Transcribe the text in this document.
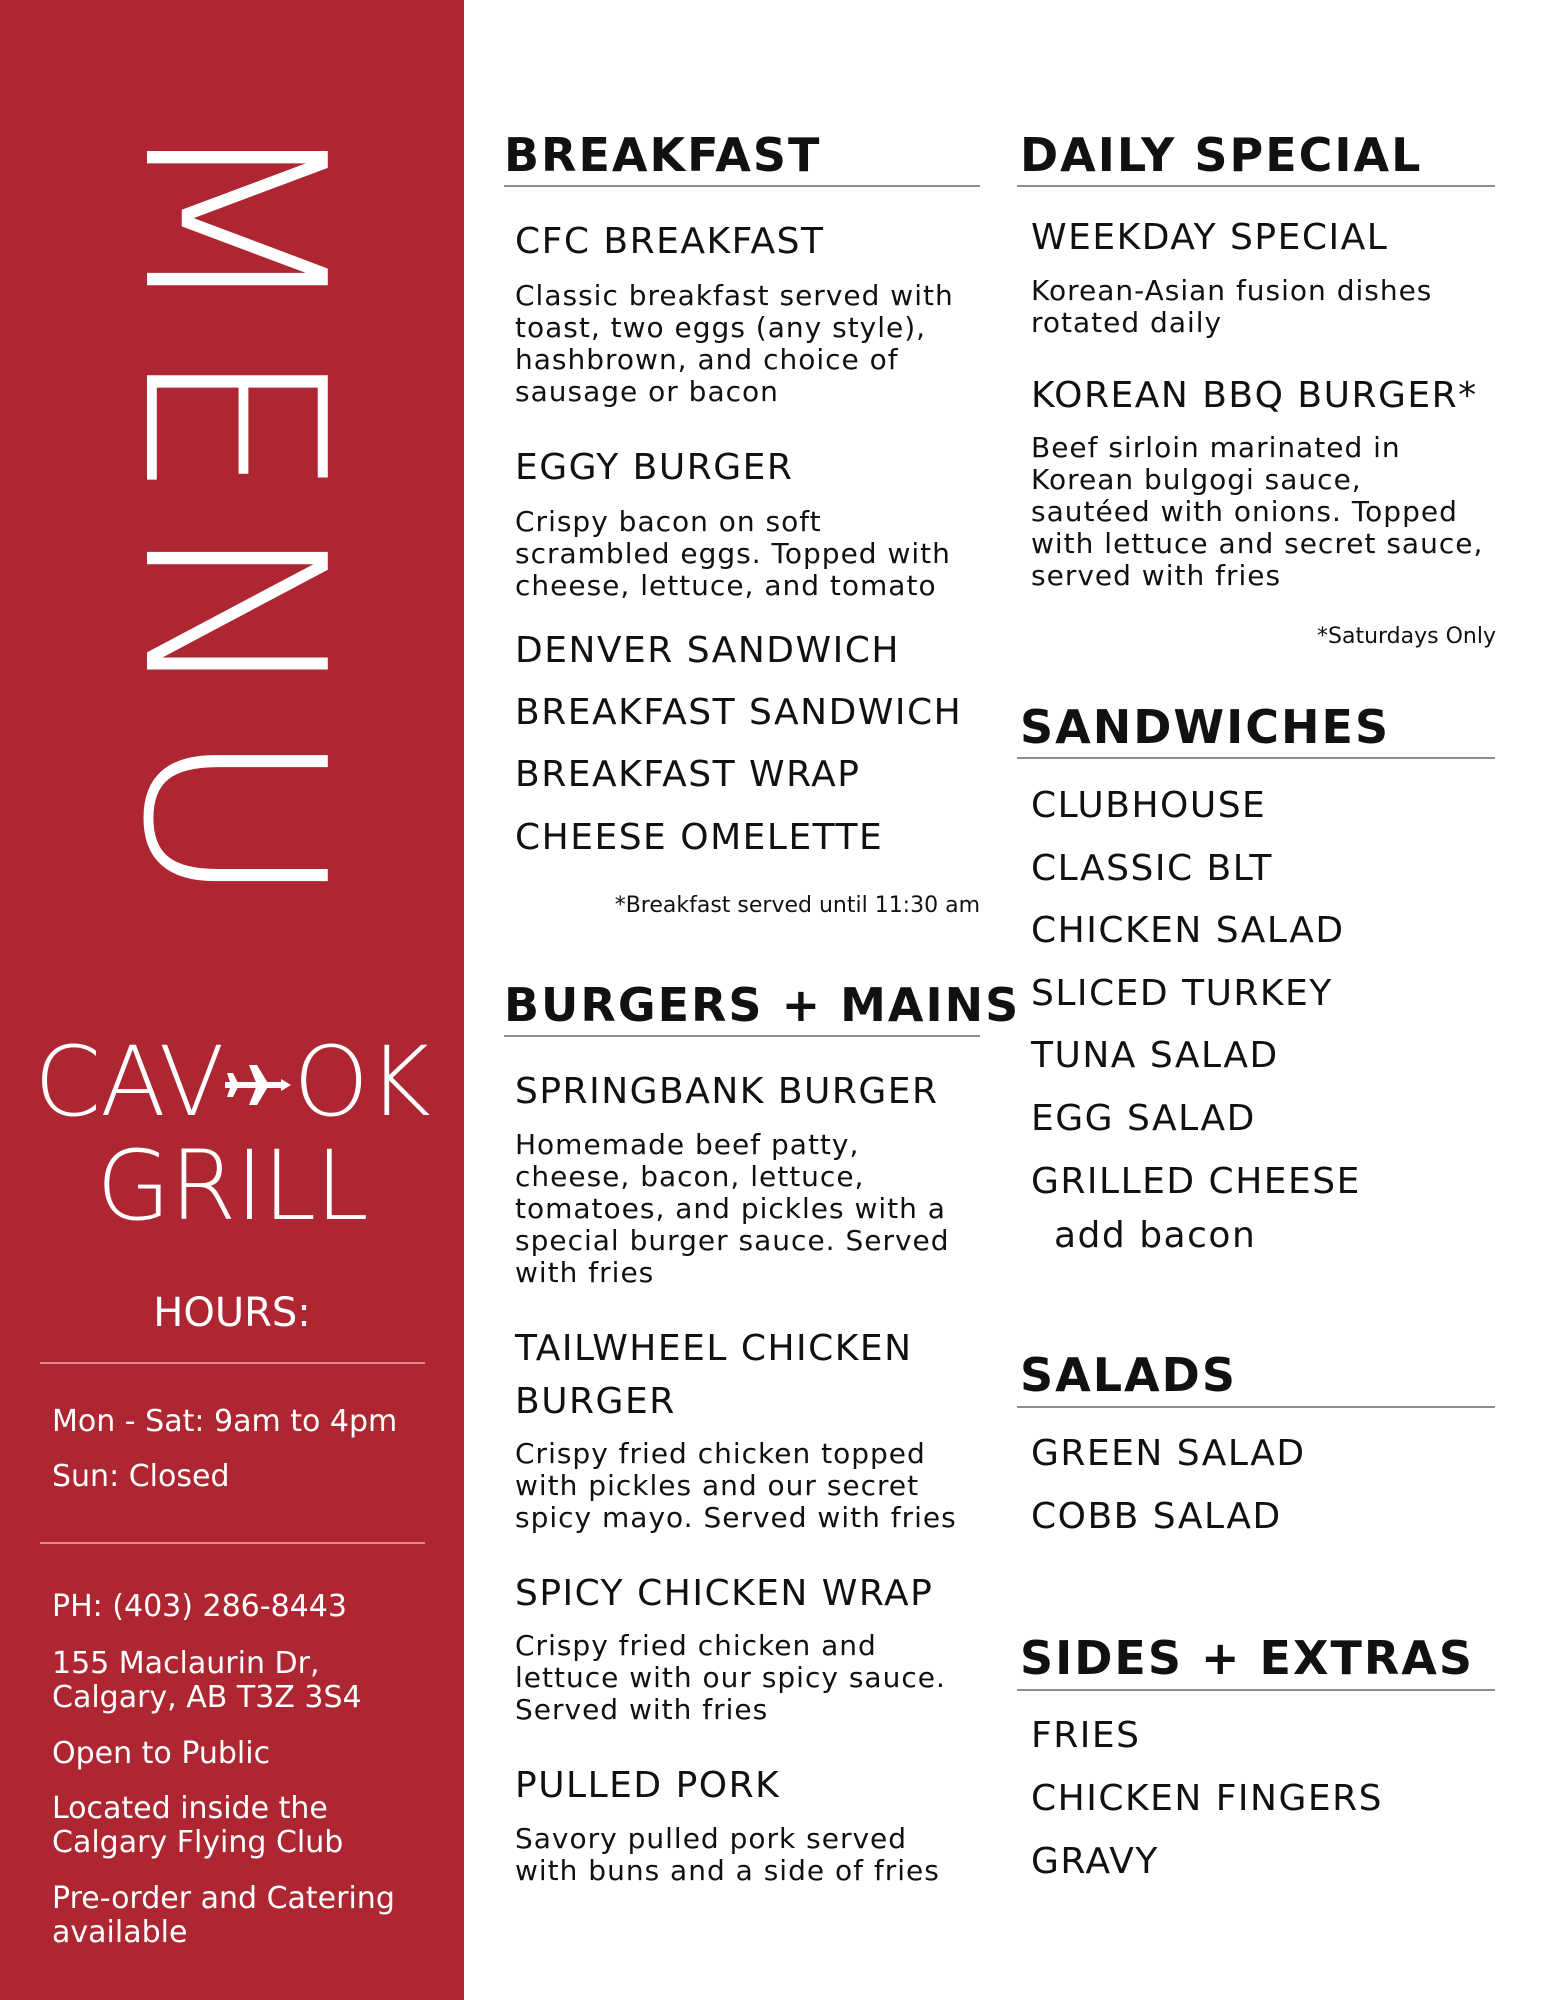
MENU
CAV OK
GRILL
HOURS:
Mon - Sat: 9am to 4pm
Sun: Closed
PH: (403) 286-8443
155 Maclaurin Dr,
Calgary, AB T3Z 3S4
Open to Public
Located inside the
Calgary Flying Club
Pre-order and Catering
available
BREAKFAST
CFC BREAKFAST
Classic breakfast served with toast, two eggs (any style), hashbrown, and choice of sausage or bacon
EGGY BURGER
Crispy bacon on soft scrambled eggs. Topped with cheese, lettuce, and tomato
DENVER SANDWICH
BREAKFAST SANDWICH
BREAKFAST WRAP
CHEESE OMELETTE
*Breakfast served until 11:30 am
BURGERS + MAINS
SPRINGBANK BURGER
Homemade beef patty, cheese, bacon, lettuce, tomatoes, and pickles with a special burger sauce. Served with fries
TAILWHEEL CHICKEN
BURGER
Crispy fried chicken topped with pickles and our secret spicy mayo. Served with fries
SPICY CHICKEN WRAP
Crispy fried chicken and lettuce with our spicy sauce. Served with fries
PULLED PORK
Savory pulled pork served with buns and a side of fries
DAILY SPECIAL
WEEKDAY SPECIAL
Korean-Asian fusion dishes rotated daily
KOREAN BBQ BURGER*
Beef sirloin marinated in Korean bulgogi sauce, sautéed with onions. Topped with lettuce and secret sauce, served with fries
*Saturdays Only
SANDWICHES
CLUBHOUSE
CLASSIC BLT
CHICKEN SALAD
SLICED TURKEY
TUNA SALAD
EGG SALAD
GRILLED CHEESE
add bacon
SALADS
GREEN SALAD
COBB SALAD
SIDES + EXTRAS
FRIES
CHICKEN FINGERS
GRAVY
